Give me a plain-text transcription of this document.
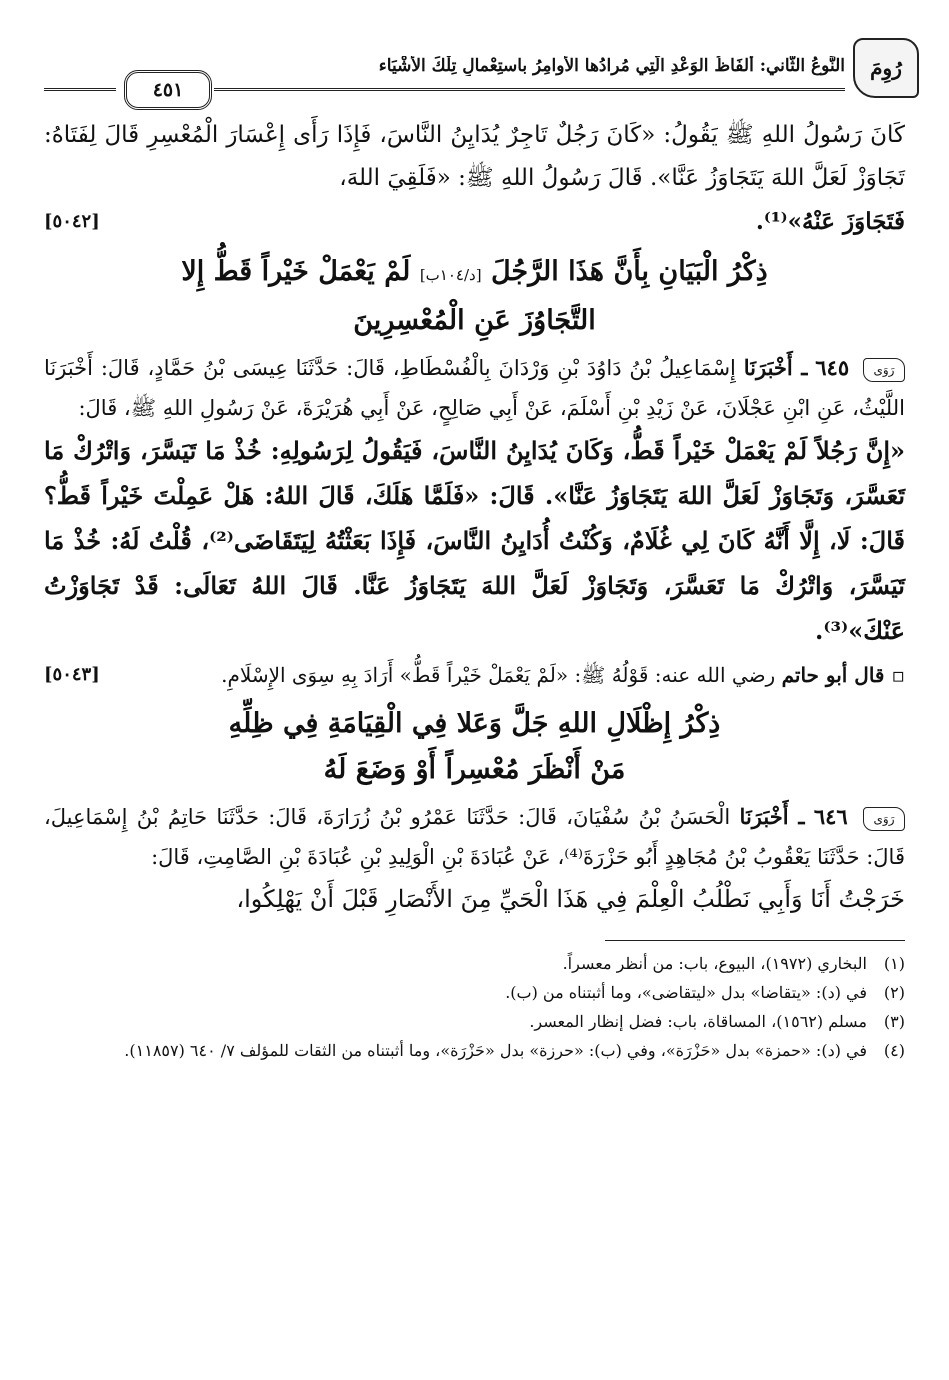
رُوِمَ
النَّوعُ الثَّاني: ألفَاظُ الوَعْدِ الَّتِي مُرادُها الأوامِرُ باستِعْمالِ تِلْكَ الأشْيَاء
٤٥١

كَانَ رَسُولُ اللهِ ﷺ يَقُولُ: «كَانَ رَجُلٌ تَاجِرٌ يُدَايِنُ النَّاسَ، فَإِذَا رَأَى إِعْسَارَ الْمُعْسِرِ قَالَ لِفَتَاهُ: تَجَاوَزْ لَعَلَّ اللهَ يَتَجَاوَزُ عَنَّا». قَالَ رَسُولُ اللهِ ﷺ: «فَلَقِيَ اللهَ،

فَتَجَاوَزَ عَنْهُ»⁽¹⁾.
[٥٠٤٢]
ذِكْرُ الْبَيَانِ بِأَنَّ هَذَا الرَّجُلَ [د/١٠٤ب] لَمْ يَعْمَلْ خَيْراً قَطُّ إِلا
التَّجَاوُزَ عَنِ الْمُعْسِرِينَ

رَوَى ٦٤٥ ـ أَخْبَرَنَا إِسْمَاعِيلُ بْنُ دَاوُدَ بْنِ وَرْدَانَ بِالْفُسْطَاطِ، قَالَ: حَدَّثَنَا عِيسَى بْنُ حَمَّادٍ، قَالَ: أَخْبَرَنَا اللَّيْثُ، عَنِ ابْنِ عَجْلَانَ، عَنْ زَيْدِ بْنِ أَسْلَمَ، عَنْ أَبِي صَالِحٍ، عَنْ أَبِي هُرَيْرَةَ، عَنْ رَسُولِ اللهِ ﷺ، قَالَ:

«إِنَّ رَجُلاً لَمْ يَعْمَلْ خَيْراً قَطُّ، وَكَانَ يُدَايِنُ النَّاسَ، فَيَقُولُ لِرَسُولِهِ: خُذْ مَا تَيَسَّرَ، وَاتْرُكْ مَا تَعَسَّرَ، وَتَجَاوَزْ لَعَلَّ اللهَ يَتَجَاوَزُ عَنَّا». قَالَ: «فَلَمَّا هَلَكَ، قَالَ اللهُ: هَلْ عَمِلْتَ خَيْراً قَطُّ؟ قَالَ: لَا، إِلَّا أَنَّهُ كَانَ لِي غُلَامٌ، وَكُنْتُ أُدَايِنُ النَّاسَ، فَإِذَا بَعَثْتُهُ لِيَتَقَاضَى⁽²⁾، قُلْتُ لَهُ: خُذْ مَا تَيَسَّرَ، وَاتْرُكْ مَا تَعَسَّرَ، وَتَجَاوَزْ لَعَلَّ اللهَ يَتَجَاوَزُ عَنَّا. قَالَ اللهُ تَعَالَى: قَدْ تَجَاوَزْتُ عَنْكَ»⁽³⁾.

▫ قال أبو حاتم رضي الله عنه: قَوْلُهُ ﷺ: «لَمْ يَعْمَلْ خَيْراً قَطُّ» أَرَادَ بِهِ سِوَى الإِسْلَامِ.
[٥٠٤٣]
ذِكْرُ إِظْلَالِ اللهِ جَلَّ وَعَلا فِي الْقِيَامَةِ فِي ظِلِّهِ
مَنْ أَنْظَرَ مُعْسِراً أَوْ وَضَعَ لَهُ

رَوَى ٦٤٦ ـ أَخْبَرَنَا الْحَسَنُ بْنُ سُفْيَانَ، قَالَ: حَدَّثَنَا عَمْرُو بْنُ زُرَارَةَ، قَالَ: حَدَّثَنَا حَاتِمُ بْنُ إِسْمَاعِيلَ، قَالَ: حَدَّثَنَا يَعْقُوبُ بْنُ مُجَاهِدٍ أَبُو حَزْرَةَ⁽⁴⁾، عَنْ عُبَادَةَ بْنِ الْوَلِيدِ بْنِ عُبَادَةَ بْنِ الصَّامِتِ، قَالَ:

خَرَجْتُ أَنَا وَأَبِي نَطْلُبُ الْعِلْمَ فِي هَذَا الْحَيِّ مِنَ الأَنْصَارِ قَبْلَ أَنْ يَهْلِكُوا،

(١)
البخاري (١٩٧٢)، البيوع، باب: من أنظر معسراً.
(٢)
في (د): «يتقاضا» بدل «ليتقاضى»، وما أثبتناه من (ب).
(٣)
مسلم (١٥٦٢)، المساقاة، باب: فضل إنظار المعسر.
(٤)
في (د): «حمزة» بدل «حَزْرَة»، وفي (ب): «حرزة» بدل «حَزْرَة»، وما أثبتناه من الثقات للمؤلف ٧/ ٦٤٠ (١١٨٥٧).
